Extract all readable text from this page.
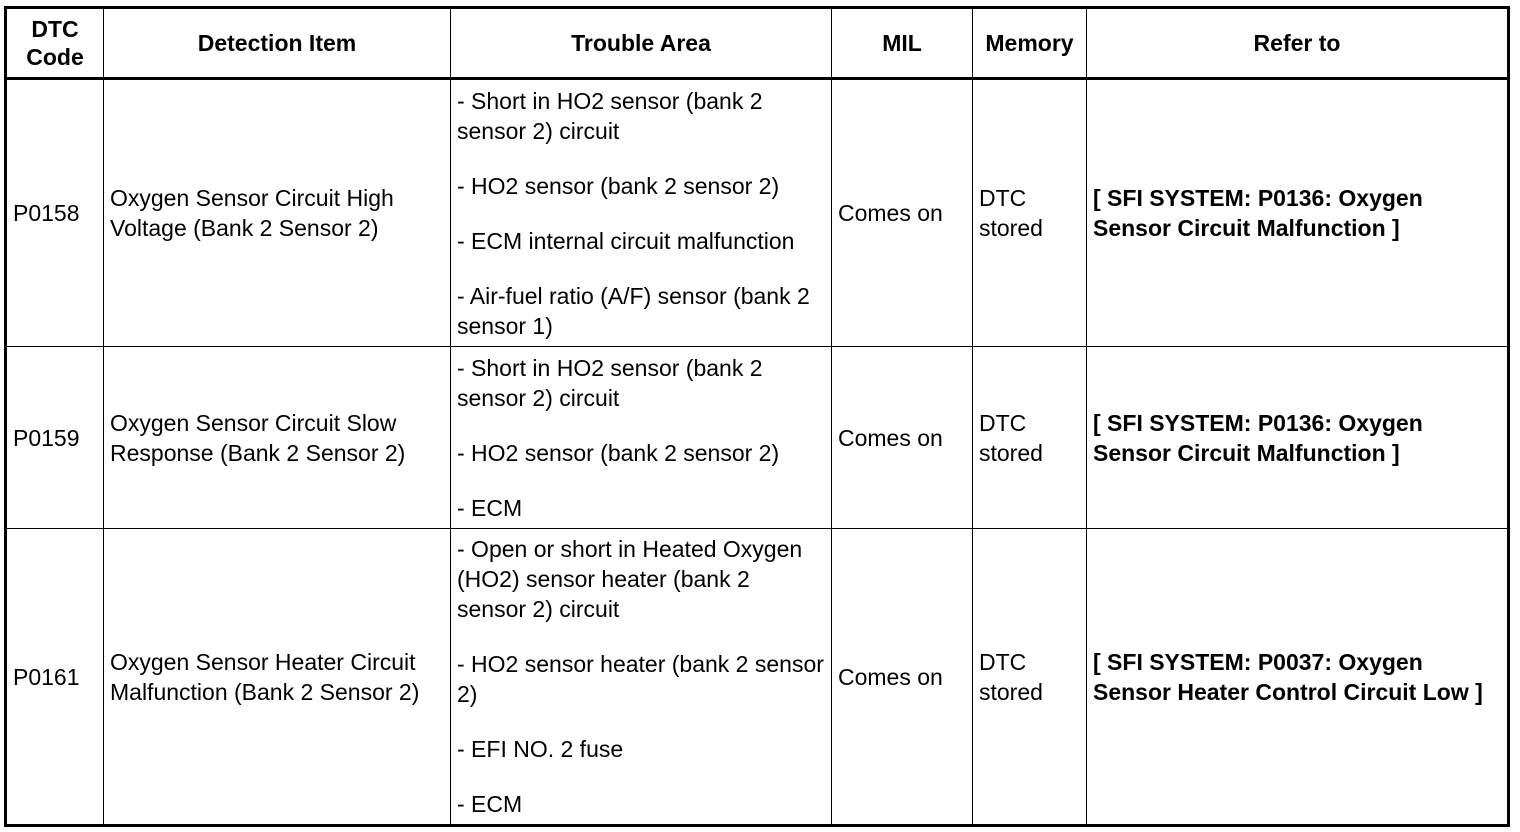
DTC Code	Detection Item	Trouble Area	MIL	Memory	Refer to
P0158	Oxygen Sensor Circuit High Voltage (Bank 2 Sensor 2)	- Short in HO2 sensor (bank 2 sensor 2) circuit
- HO2 sensor (bank 2 sensor 2)
- ECM internal circuit malfunction
- Air-fuel ratio (A/F) sensor (bank 2 sensor 1)	Comes on	DTC stored	[ SFI SYSTEM: P0136: Oxygen Sensor Circuit Malfunction ]
P0159	Oxygen Sensor Circuit Slow Response (Bank 2 Sensor 2)	- Short in HO2 sensor (bank 2 sensor 2) circuit
- HO2 sensor (bank 2 sensor 2)
- ECM	Comes on	DTC stored	[ SFI SYSTEM: P0136: Oxygen Sensor Circuit Malfunction ]
P0161	Oxygen Sensor Heater Circuit Malfunction (Bank 2 Sensor 2)	- Open or short in Heated Oxygen (HO2) sensor heater (bank 2 sensor 2) circuit
- HO2 sensor heater (bank 2 sensor 2)
- EFI NO. 2 fuse
- ECM	Comes on	DTC stored	[ SFI SYSTEM: P0037: Oxygen Sensor Heater Control Circuit Low ]
